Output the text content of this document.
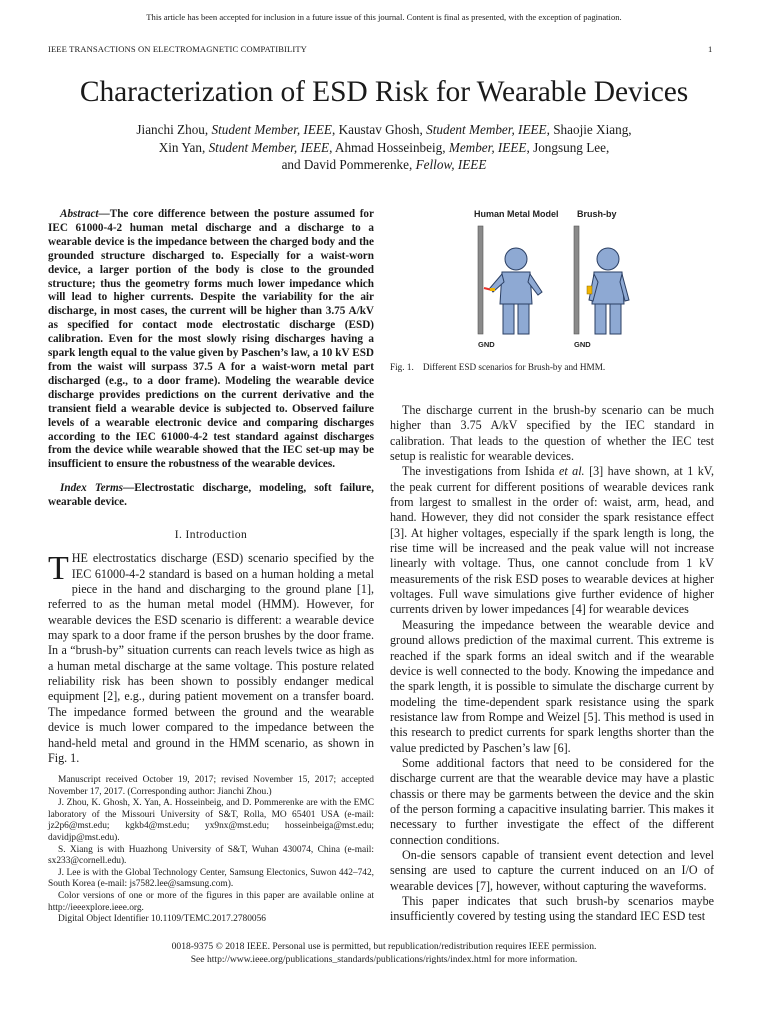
This article has been accepted for inclusion in a future issue of this journal. Content is final as presented, with the exception of pagination.
IEEE TRANSACTIONS ON ELECTROMAGNETIC COMPATIBILITY	1
Characterization of ESD Risk for Wearable Devices
Jianchi Zhou, Student Member, IEEE, Kaustav Ghosh, Student Member, IEEE, Shaojie Xiang,
Xin Yan, Student Member, IEEE, Ahmad Hosseinbeig, Member, IEEE, Jongsung Lee,
and David Pommerenke, Fellow, IEEE

Abstract—The core difference between the posture assumed for IEC 61000-4-2 human metal discharge and a discharge to a wearable device is the impedance between the charged body and the grounded structure discharged to. Especially for a waist-worn device, a larger portion of the body is close to the grounded structure; thus the geometry forms much lower impedance which will lead to higher currents. Despite the variability for the air discharge, in most cases, the current will be higher than 3.75 A/kV as specified for contact mode electrostatic discharge (ESD) calibration. Even for the most slowly rising discharges having a spark length equal to the value given by Paschen’s law, a 10 kV ESD from the waist will surpass 37.5 A for a waist-worn metal part discharged (e.g., to a door frame). Modeling the wearable device discharge provides predictions on the current derivative and the transient field a wearable device is subjected to. Observed failure levels of a wearable electronic device and comparing discharges according to the IEC 61000-4-2 test standard against discharges from the device while wearable showed that the IEC set-up may be insufficient to ensure the robustness of the wearable devices.

Index Terms—Electrostatic discharge, modeling, soft failure, wearable device.

I. Introduction

THE electrostatics discharge (ESD) scenario specified by the IEC 61000-4-2 standard is based on a human holding a metal piece in the hand and discharging to the ground plane [1], referred to as the human metal model (HMM). However, for wearable devices the ESD scenario is different: a wearable device may spark to a door frame if the person brushes by the door frame. In a “brush-by” situation currents can reach levels twice as high as a human metal discharge at the same voltage. This posture related reliability risk has been shown to possibly endanger medical equipment [2], e.g., during patient movement on a transfer board. The impedance formed between the ground and the wearable device is much lower compared to the impedance between the hand-held metal and ground in the HMM scenario, as shown in Fig. 1.

Manuscript received October 19, 2017; revised November 15, 2017; accepted November 17, 2017. (Corresponding author: Jianchi Zhou.)

J. Zhou, K. Ghosh, X. Yan, A. Hosseinbeig, and D. Pommerenke are with the EMC laboratory of the Missouri University of S&T, Rolla, MO 65401 USA (e-mail: jz2p6@mst.edu; kgkb4@mst.edu; yx9nx@mst.edu; hosseinbeiga@mst.edu; davidjp@mst.edu).

S. Xiang is with Huazhong University of S&T, Wuhan 430074, China (e-mail: sx233@cornell.edu).

J. Lee is with the Global Technology Center, Samsung Electonics, Suwon 442–742, South Korea (e-mail: js7582.lee@samsung.com).

Color versions of one or more of the figures in this paper are available online at http://ieeexplore.ieee.org.

Digital Object Identifier 10.1109/TEMC.2017.2780056

Human Metal Model Brush-by
GND	GND
Fig. 1.    Different ESD scenarios for Brush-by and HMM.

The discharge current in the brush-by scenario can be much higher than 3.75 A/kV specified by the IEC standard in calibration. That leads to the question of whether the IEC test setup is realistic for wearable devices.

The investigations from Ishida et al. [3] have shown, at 1 kV, the peak current for different positions of wearable devices rank from largest to smallest in the order of: waist, arm, head, and hand. However, they did not consider the spark resistance effect [3]. At higher voltages, especially if the spark length is long, the rise time will be increased and the peak value will not increase linearly with voltage. Thus, one cannot conclude from 1 kV measurements of the risk ESD poses to wearable devices at higher voltages. Full wave simulations give further evidence of higher currents driven by lower impedances [4] for wearable devices

Measuring the impedance between the wearable device and ground allows prediction of the maximal current. This extreme is reached if the spark forms an ideal switch and if the wearable device is well connected to the body. Knowing the impedance and the spark length, it is possible to simulate the discharge current by modeling the time-dependent spark resistance using the spark resistance law from Rompe and Weizel [5]. This method is used in this research to predict currents for spark lengths shorter than the value predicted by Paschen’s law [6].

Some additional factors that need to be considered for the discharge current are that the wearable device may have a plastic chassis or there may be garments between the device and the skin of the person forming a capacitive insulating barrier. This makes it necessary to further investigate the effect of the different connection conditions.

On-die sensors capable of transient event detection and level sensing are used to capture the current induced on an I/O of wearable devices [7], however, without capturing the waveforms.

This paper indicates that such brush-by scenarios maybe insufficiently covered by testing using the standard IEC ESD test

0018-9375 © 2018 IEEE. Personal use is permitted, but republication/redistribution requires IEEE permission.
See http://www.ieee.org/publications_standards/publications/rights/index.html for more information.
